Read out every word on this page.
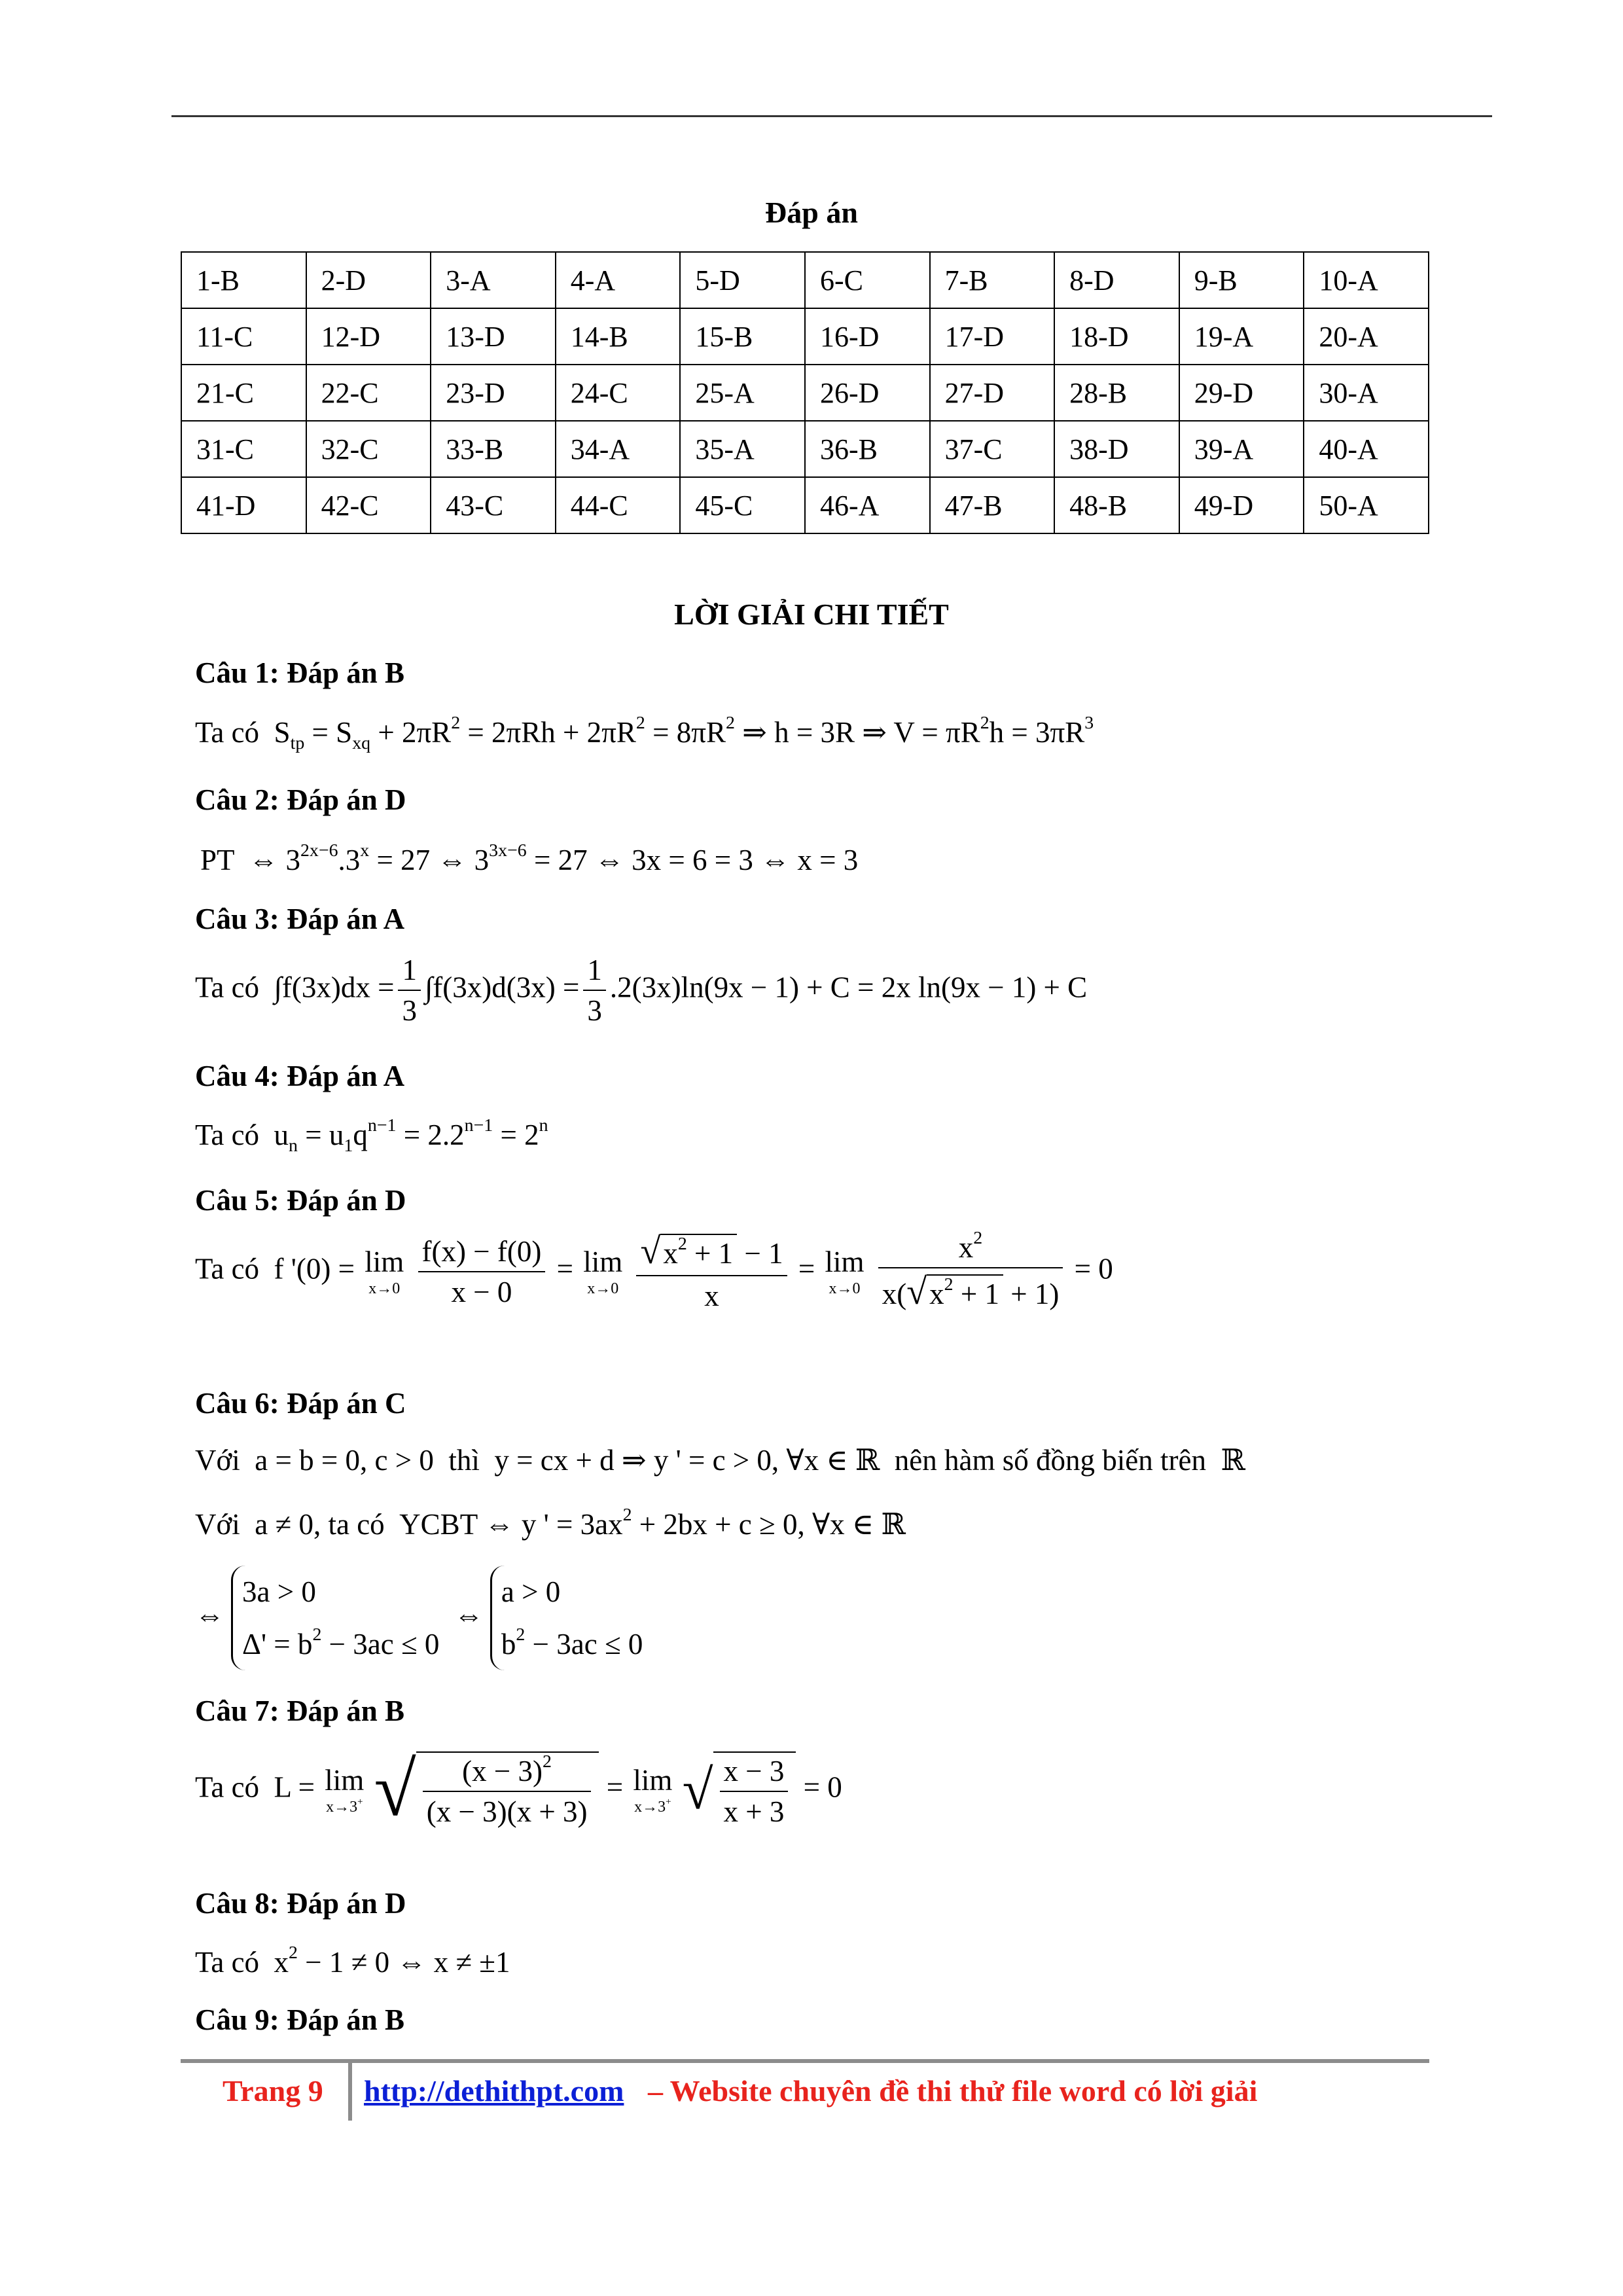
Đáp án
1-B	2-D	3-A	4-A	5-D	6-C	7-B	8-D	9-B	10-A
11-C	12-D	13-D	14-B	15-B	16-D	17-D	18-D	19-A	20-A
21-C	22-C	23-D	24-C	25-A	26-D	27-D	28-B	29-D	30-A
31-C	32-C	33-B	34-A	35-A	36-B	37-C	38-D	39-A	40-A
41-D	42-C	43-C	44-C	45-C	46-A	47-B	48-B	49-D	50-A
LỜI GIẢI CHI TIẾT
Câu 1: Đáp án B
Ta có  $S_{tp} = S_{xq} + 2\pi R^2 = 2\pi Rh + 2\pi R^2 = 8\pi R^2$ ⇒ h = 3R ⇒ $V = \pi R^2h = 3\pi R^3$
Câu 2: Đáp án D
PT  ⇔ $3^{2x-6}.3^x = 27$ ⇔ $3^{3x-6} = 27$ ⇔ 3x = 6 = 3 ⇔ x = 3
Câu 3: Đáp án A
Ta có  $\int f(3x)dx = \frac{1}{3} \int f(3x)d(3x) = \frac{1}{3} .2(3x)\ln(9x - 1) + C = 2x$ ln(9x − 1) + C
Câu 4: Đáp án A
Ta có  $u_n = u_1q^{n-1} = 2.2^{n-1} = 2^n$
Câu 5: Đáp án D
Ta có  f '(0) = lim
x→0
$\frac{f(x) - f(0)}{x - 0} = \lim$
x→0
$\frac{√x^2 + 1 - 1}{x} = \lim$
x→0
$\frac{x^2}{x(√x^2 + 1 + 1)} = 0$
Câu 6: Đáp án C
Với  a = b = 0, c > 0  thì  y = cx + d ⇒ y ' = c > 0, ∀x ∈ ℝ  nên hàm số đồng biến trên  ℝ
Với  a ≠ 0, ta có  YCBT ⇔ y ' = $3ax^2 + 2bx + c \ge 0$, ∀x ∈ ℝ
⇔
3a > 0
$\Delta' = b^2 - 3ac \le 0$
⇔
a > 0
$b^2 - 3ac \le 0$
Câu 7: Đáp án B
Ta có  L = lim
x→3+ √ $\frac{(x - 3)^2}{(x - 3)(x + 3)} = \lim$
x→3+ √ $\frac{x - 3}{x + 3} = 0$
Câu 8: Đáp án D
Ta có  $x^2 - 1 \ne 0$ ⇔ x ≠ ±1
Câu 9: Đáp án B
Trang 9 http://dethithpt.com – Website chuyên đề thi thử file word có lời giải
